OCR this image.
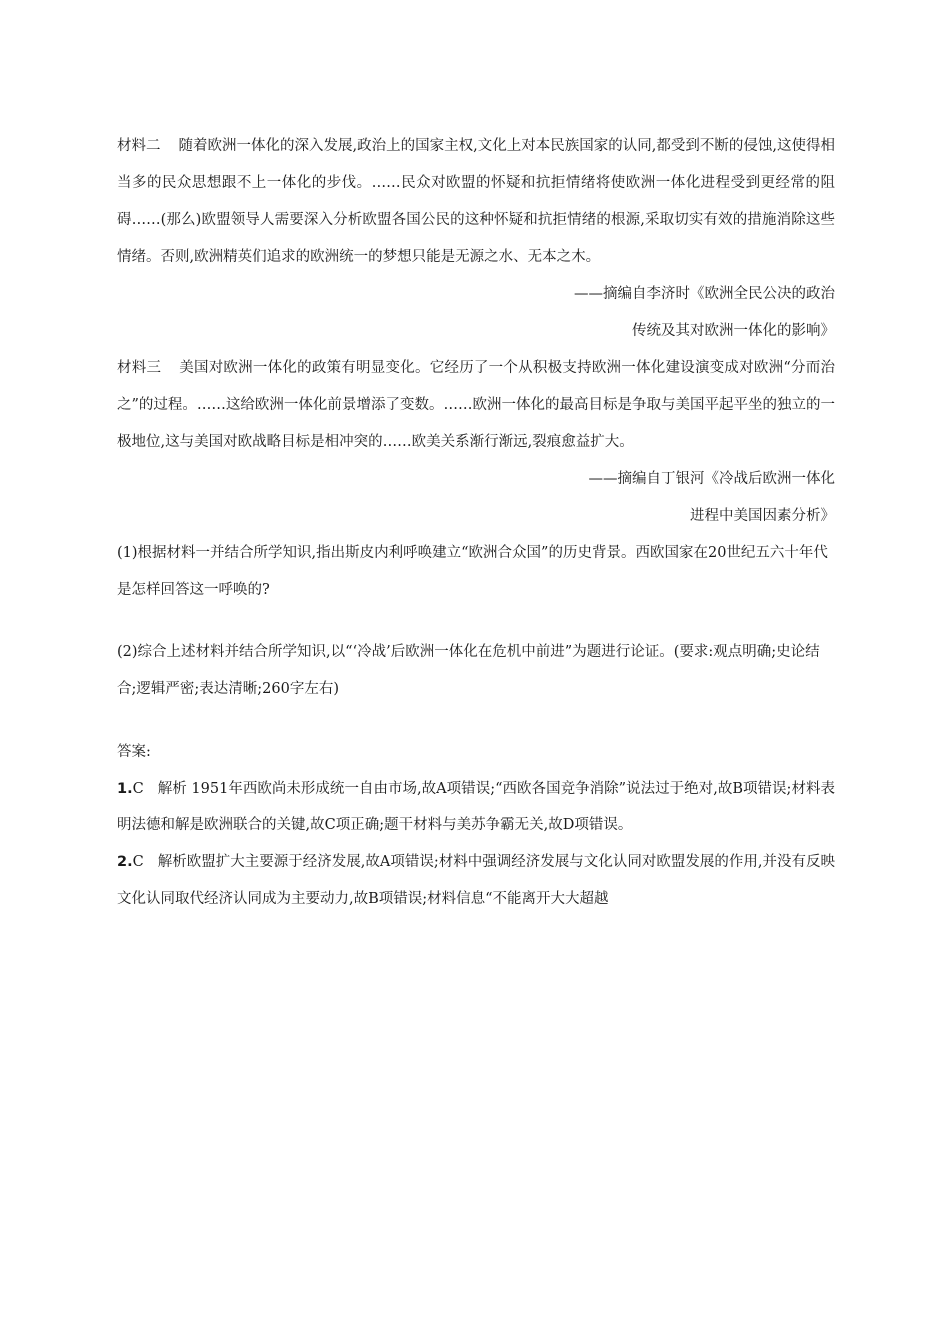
材料二 随着欧洲一体化的深入发展,政治上的国家主权,文化上对本民族国家的认同,都受到不断的侵蚀,这使得相当多的民众思想跟不上一体化的步伐。……民众对欧盟的怀疑和抗拒情绪将使欧洲一体化进程受到更经常的阻碍……(那么)欧盟领导人需要深入分析欧盟各国公民的这种怀疑和抗拒情绪的根源,采取切实有效的措施消除这些情绪。否则,欧洲精英们追求的欧洲统一的梦想只能是无源之水、无本之木。

——摘编自李济时《欧洲全民公决的政治

传统及其对欧洲一体化的影响》

材料三 美国对欧洲一体化的政策有明显变化。它经历了一个从积极支持欧洲一体化建设演变成对欧洲“分而治之”的过程。……这给欧洲一体化前景增添了变数。……欧洲一体化的最高目标是争取与美国平起平坐的独立的一极地位,这与美国对欧战略目标是相冲突的……欧美关系渐行渐远,裂痕愈益扩大。

——摘编自丁银河《冷战后欧洲一体化

进程中美国因素分析》

(1)根据材料一并结合所学知识,指出斯皮内利呼唤建立“欧洲合众国”的历史背景。西欧国家在20世纪五六十年代是怎样回答这一呼唤的?

(2)综合上述材料并结合所学知识,以“‘冷战’后欧洲一体化在危机中前进”为题进行论证。(要求:观点明确;史论结合;逻辑严密;表达清晰;260字左右)

答案:

1.C 解析 1951年西欧尚未形成统一自由市场,故A项错误;“西欧各国竞争消除”说法过于绝对,故B项错误;材料表明法德和解是欧洲联合的关键,故C项正确;题干材料与美苏争霸无关,故D项错误。

2.C 解析欧盟扩大主要源于经济发展,故A项错误;材料中强调经济发展与文化认同对欧盟发展的作用,并没有反映文化认同取代经济认同成为主要动力,故B项错误;材料信息“不能离开大大超越
